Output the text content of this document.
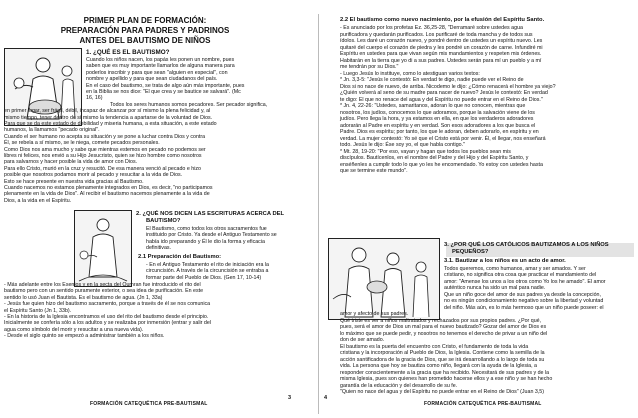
PRIMER PLAN DE FORMACIÓN:
PREPARACIÓN PARA PADRES Y PADRINOS
ANTES DEL BAUTISMO DE NIÑOS
1. ¿QUÉ ES EL BAUTISMO?
Cuando los niños nacen, los papás les ponen un nombre, pues
saben que es muy importante llamarlos de alguna manera para
poderlos inscribir y para que sean "alguien en especial", con
nombre y apellido y para que sean ciudadanos del país.
En el caso del bautismo, se trata de algo aún más importante, pues
en la Biblia se nos dice: "El que crea y se bautice se salvará". (Mc
16, 16)
Todos los seres humanos somos pecadores. Ser pecador significa,
en primer lugar, ser frágil, débil, incapaz de alcanzar por sí mismo la plena felicidad y, al
mismo tiempo, tener dentro de sí mismo la tendencia a apartarse de la voluntad de Dios.
Para que se da este estado de debilidad y miseria humana, a esta situación, a este estado
humanos, la llamamos "pecado original".
Cuando el ser humano no acepta su situación y se pone a luchar contra Dios y contra
Él, se rebela a sí mismo, se le niega, comete pecados personales.
Como Dios nos ama mucho y sabe que mientras estemos en pecado no podemos ser
libres ni felices, nos envió a su Hijo Jesucristo, quien se hizo hombre como nosotros
para salvarnos y hacer posible la vida de amor con Dios.
Para ello Cristo, murió en la cruz y resucitó. De esa manera venció al pecado e hizo
posible que nosotros podamos morir al pecado y resucitar a la vida de Dios.
Esto se hace presente en nuestra vida gracias al Bautismo.
Cuando nacemos no estamos plenamente integrados en Dios, es decir, "no participamos
plenamente en la vida de Dios". Al recibir el bautismo nacemos plenamente a la vida de
Dios, a la vida en el Espíritu.
2. ¿QUÉ NOS DICEN LAS ESCRITURAS ACERCA DEL
BAUTISMO?
El Bautismo, como todos los otros sacramentos fue
instituido por Cristo. Ya desde el Antiguo Testamento se
había ido preparando y Él le dio la forma y eficacia
definitivas.
2.1 Preparación del Bautismo:
- En el Antiguo Testamento el rito de iniciación era la
circuncisión. A través de la circuncisión se entraba a
formar parte del Pueblo de Dios. (Gen 17, 10-14)
- Más adelante entre los Esenios y en la secta del Qumran fue introducido el rito del
bautismo pero con un sentido puramente exterior, o sea idea de purificación. En este
sentido lo usó Juan el Bautista. Es el bautismo de agua. (Jn 1, 33a)
- Jesús fue quien hizo del bautismo sacramento, porque a través de él se nos comunica
el Espíritu Santo (Jn 1, 33b).
- En la historia de la Iglesia encontramos el uso del rito del bautismo desde el principio.
Inicialmente se confería sólo a los adultos y se realizaba por inmersión (entrar y salir del
agua como símbolo del morir y resucitar a una nueva vida).
- Desde el siglo quinto se empezó a administrar también a los niños.
3
FORMACIÓN CATEQUÉTICA PRE-BAUTISMAL
2.2 El bautismo como nuevo nacimiento, por la efusión del Espíritu Santo.
- Es anunciado por los profetas Ez. 36,25-28, "Derramaré sobre ustedes agua
purificadora y quedarán purificados. Los purificaré de toda mancha y de todos sus
ídolos. Les daré un corazón nuevo, y pondré dentro de ustedes un espíritu nuevo. Les
quitaré del cuerpo el corazón de piedra y les pondré un corazón de carne. Infundiré mi
Espíritu en ustedes para que vivan según mis mandamientos y respeten mis órdenes.
Habitarán en la tierra que yo di a sus padres. Ustedes serán para mí un pueblo y a mí
me tendrán por su Dios."
- Luego Jesús lo instituye, como lo atestiguan varios textos:
* Jn. 3,3-5: "Jesús le contestó: En verdad te digo, nadie puede ver el Reino de
Dios si no nace de nuevo, de arriba. Nicodemo le dijo: ¿Cómo renacerá el hombre ya viejo?
¿Quién volverá al seno de su madre para nacer de nuevo? Jesús le contestó: En verdad
te digo: El que no renace del agua y del Espíritu no puede entrar en el Reino de Dios."
* Jn. 4, 22-26: "Ustedes, samaritanos, adoran lo que no conocen, mientras que
nosotros, los judíos, conocemos lo que adoramos, porque la salvación viene de los
judíos. Pero llega la hora, y ya estamos en ella, en que los verdaderos adoradores
adorarán al Padre en espíritu y en verdad. Son esos adoradores a los que busca el
Padre. Dios es espíritu; por tanto, los que le adoran, deben adorarlo, en espíritu y en
verdad. La mujer contestó: Yo sé que el Cristo está por venir. Él, el llegar, nos enseñará
todo. Jesús le dijo: Ése soy yo, el que habla contigo."
* Mt. 28, 19-20: "Por eso, vayan y hagan que todos los pueblos sean mis
discípulos. Bautícenlos, en el nombre del Padre y del Hijo y del Espíritu Santo, y
enséñenles a cumplir todo lo que yo les he encomendado. Yo estoy con ustedes hasta
que se termine este mundo".
3. ¿POR QUÉ LOS CATÓLICOS BAUTIZAMOS A LOS NIÑOS
PEQUEÑOS?
3.1. Bautizar a los niños es un acto de amor.
Todos queremos, como humanos, amar y ser amados. Y ser
cristiano, no significa otra cosa que practicar el mandamiento del
amor: "Amense los unos a los otros como Yo los he amado". El amor
auténtico nunca ha sido un mal para nadie.
Que un niño goce del amor de sus padres ya desde la concepción,
no es ningún condicionamiento negativo sobre la libertad y voluntad
del niño. Más aún, es lo más hermoso que un niño puede poseer: el
amor y afecto de sus padres.
Qué triste es ver a niños maltratados y rechazados por sus propios padres. ¿Por qué,
pues, será el amor de Dios un mal para el nuevo bautizado? Gozar del amor de Dios es
lo máximo que se puede pedir, y nosotros no tenemos el derecho de privar a un niño del
don de ser amado.
El bautismo es la puerta del encuentro con Cristo, el fundamento de toda la vida
cristiana y la incorporación al Pueblo de Dios, la Iglesia. Contiene como la semilla de la
acción santificadora de la gracia de Dios, que se irá desarrollando a lo largo de toda su
vida. La persona que hoy se bautiza como niño, llegará con la ayuda de la Iglesia, a
responder conscientemente a la gracia que ha recibido. Necesitará de sus padres y de la
misma Iglesia, pues son quienes han prometido hacerse ellos y a ese niño y se han hecho
garantía de la educación y del desarrollo de su fe.
"Quien no nace del agua y del Espíritu no puede entrar en el Reino de Dios" (Juan 3,5)
4
FORMACIÓN CATEQUÉTICA PRE-BAUTISMAL
